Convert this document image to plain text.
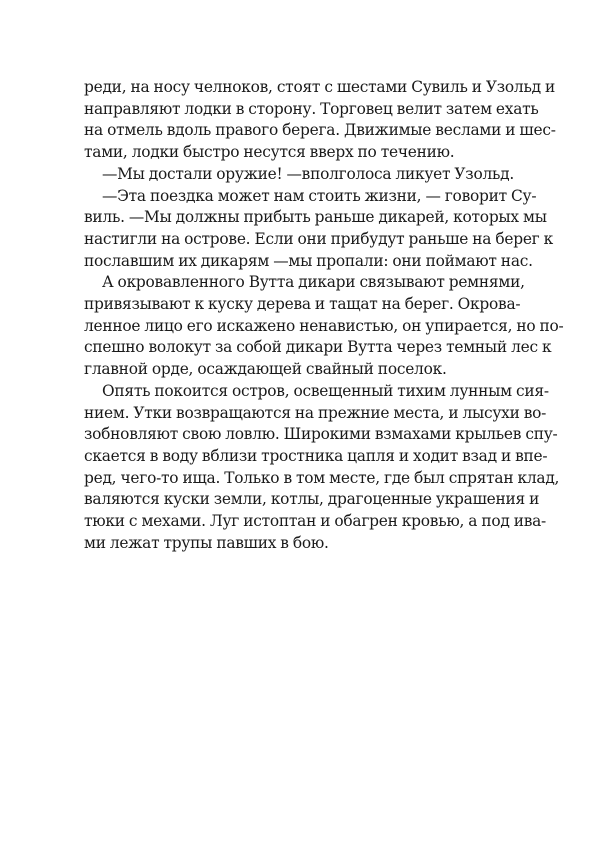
реди, на носу челноков, стоят с шестами Сувиль и Узольд и
направляют лодки в сторону. Торговец велит затем ехать
на отмель вдоль правого берега. Движимые веслами и шес-
тами, лодки быстро несутся вверх по течению.
—Мы достали оружие! —вполголоса ликует Узольд.
—Эта поездка может нам стоить жизни, — говорит Су-
виль. —Мы должны прибыть раньше дикарей, которых мы
настигли на острове. Если они прибудут раньше на берег к
пославшим их дикарям —мы пропали: они поймают нас.
А окровавленного Вутта дикари связывают ремнями,
привязывают к куску дерева и тащат на берег. Окрова-
ленное лицо его искажено ненавистью, он упирается, но по-
спешно волокут за собой дикари Вутта через темный лес к
главной орде, осаждающей свайный поселок.
Опять покоится остров, освещенный тихим лунным сия-
нием. Утки возвращаются на прежние места, и лысухи во-
зобновляют свою ловлю. Широкими взмахами крыльев спу-
скается в воду вблизи тростника цапля и ходит взад и впе-
ред, чего-то ища. Только в том месте, где был спрятан клад,
валяются куски земли, котлы, драгоценные украшения и
тюки с мехами. Луг истоптан и обагрен кровью, а под ива-
ми лежат трупы павших в бою.
